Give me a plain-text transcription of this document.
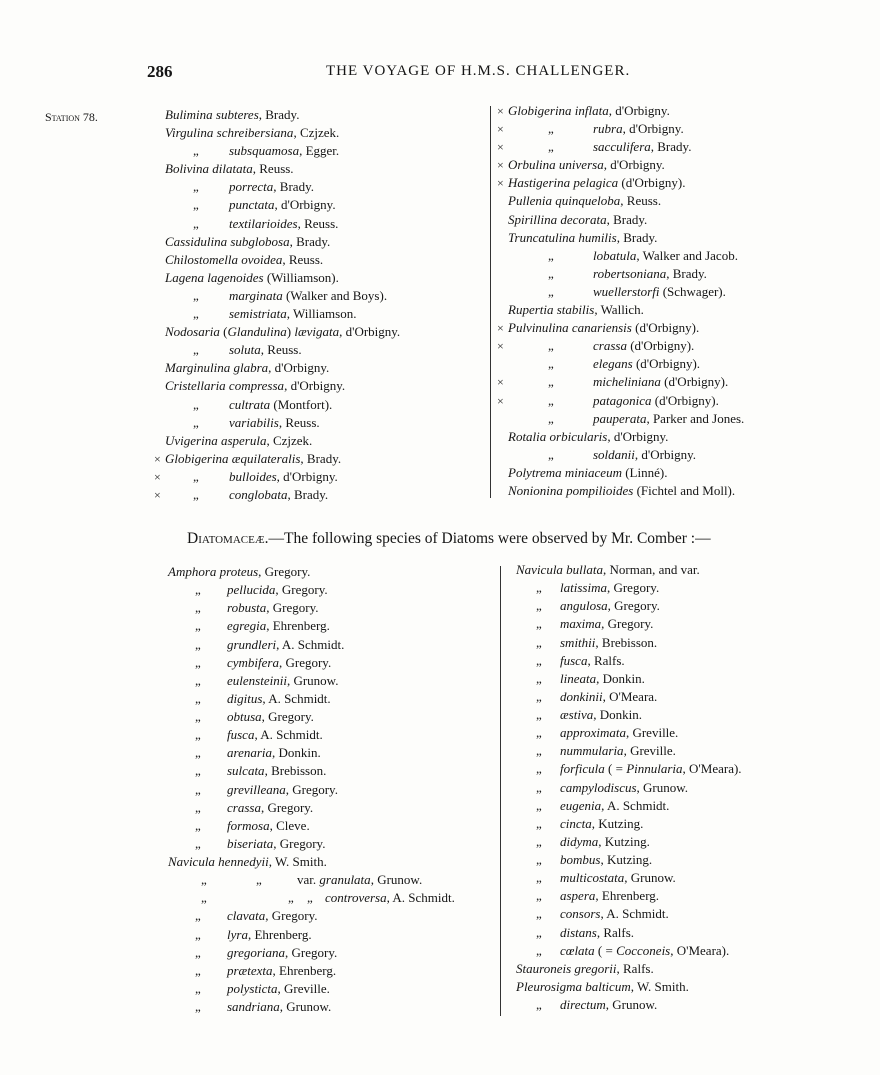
286	THE VOYAGE OF H.M.S. CHALLENGER.
Station 78.	Bulimina subteres, Brady.
Virgulina schreibersiana, Czjzek.
„ subsquamosa, Egger.
Bolivina dilatata, Reuss.
„ porrecta, Brady.
„ punctata, d'Orbigny.
„ textilarioides, Reuss.
Cassidulina subglobosa, Brady.
Chilostomella ovoidea, Reuss.
Lagena lagenoides (Williamson).
„ marginata (Walker and Boys).
„ semistriata, Williamson.
Nodosaria (Glandulina) lævigata, d'Orbigny.
„ soluta, Reuss.
Marginulina glabra, d'Orbigny.
Cristellaria compressa, d'Orbigny.
„ cultrata (Montfort).
„ variabilis, Reuss.
Uvigerina asperula, Czjzek.
× Globigerina æquilateralis, Brady.
× „ bulloides, d'Orbigny.
× „ conglobata, Brady.
× Globigerina inflata, d'Orbigny.
×	„	rubra, d'Orbigny.
×	„	sacculifera, Brady.
× Orbulina universa, d'Orbigny.
× Hastigerina pelagica (d'Orbigny).
Pullenia quinqueloba, Reuss.
Spirillina decorata, Brady.
Truncatulina humilis, Brady.
„	lobatula, Walker and Jacob.
„	robertsoniana, Brady.
„	wuellerstorfi (Schwager).
Rupertia stabilis, Wallich.
× Pulvinulina canariensis (d'Orbigny).
×	„	crassa (d'Orbigny).
„	elegans (d'Orbigny).
×	„	micheliniana (d'Orbigny).
×	„	patagonica (d'Orbigny).
„	pauperata, Parker and Jones.
Rotalia orbicularis, d'Orbigny.
„	soldanii, d'Orbigny.
Polytrema miniaceum (Linné).
Nonionina pompilioides (Fichtel and Moll).
Diatomaceæ.—The following species of Diatoms were observed by Mr. Comber :—
Amphora proteus, Gregory.
„ pellucida, Gregory.
„ robusta, Gregory.
„ egregia, Ehrenberg.
„ grundleri, A. Schmidt.
„ cymbifera, Gregory.
„ eulensteinii, Grunow.
„ digitus, A. Schmidt.
„ obtusa, Gregory.
„ fusca, A. Schmidt.
„ arenaria, Donkin.
„ sulcata, Brebisson.
„ grevilleana, Gregory.
„ crassa, Gregory.
„ formosa, Cleve.
„ biseriata, Gregory.
Navicula hennedyii, W. Smith.
„	„	var. granulata, Grunow.
„	„ „ controversa, A. Schmidt.
„ clavata, Gregory.
„ lyra, Ehrenberg.
„ gregoriana, Gregory.
„ prætexta, Ehrenberg.
„ polysticta, Greville.
„ sandriana, Grunow.
Navicula bullata, Norman, and var.
„ latissima, Gregory.
„ angulosa, Gregory.
„ maxima, Gregory.
„ smithii, Brebisson.
„ fusca, Ralfs.
„ lineata, Donkin.
„ donkinii, O'Meara.
„ æstiva, Donkin.
„ approximata, Greville.
„ nummularia, Greville.
„ forficula ( = Pinnularia, O'Meara).
„ campylodiscus, Grunow.
„ eugenia, A. Schmidt.
„ cincta, Kutzing.
„ didyma, Kutzing.
„ bombus, Kutzing.
„ multicostata, Grunow.
„ aspera, Ehrenberg.
„ consors, A. Schmidt.
„ distans, Ralfs.
„ cœlata ( = Cocconeis, O'Meara).
Stauroneis gregorii, Ralfs.
Pleurosigma balticum, W. Smith.
„ directum, Grunow.
